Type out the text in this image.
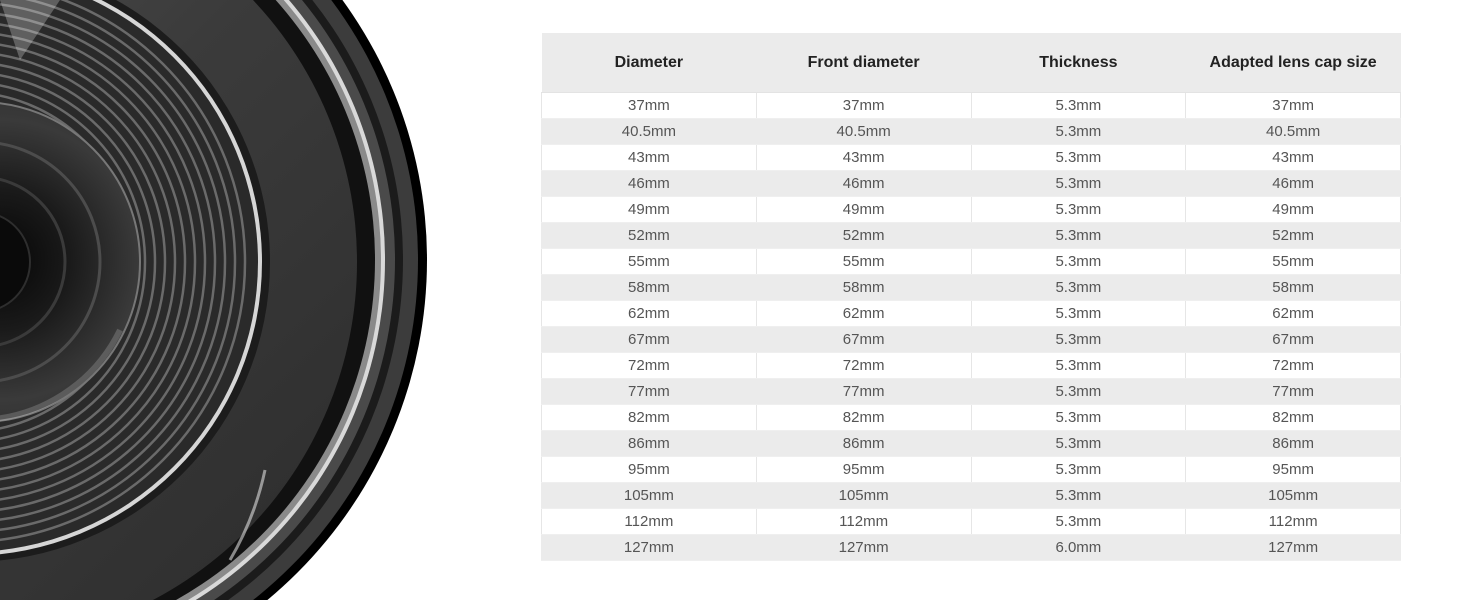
Diameter	Front diameter	Thickness	Adapted lens cap size
37mm	37mm	5.3mm	37mm
40.5mm	40.5mm	5.3mm	40.5mm
43mm	43mm	5.3mm	43mm
46mm	46mm	5.3mm	46mm
49mm	49mm	5.3mm	49mm
52mm	52mm	5.3mm	52mm
55mm	55mm	5.3mm	55mm
58mm	58mm	5.3mm	58mm
62mm	62mm	5.3mm	62mm
67mm	67mm	5.3mm	67mm
72mm	72mm	5.3mm	72mm
77mm	77mm	5.3mm	77mm
82mm	82mm	5.3mm	82mm
86mm	86mm	5.3mm	86mm
95mm	95mm	5.3mm	95mm
105mm	105mm	5.3mm	105mm
112mm	112mm	5.3mm	112mm
127mm	127mm	6.0mm	127mm
